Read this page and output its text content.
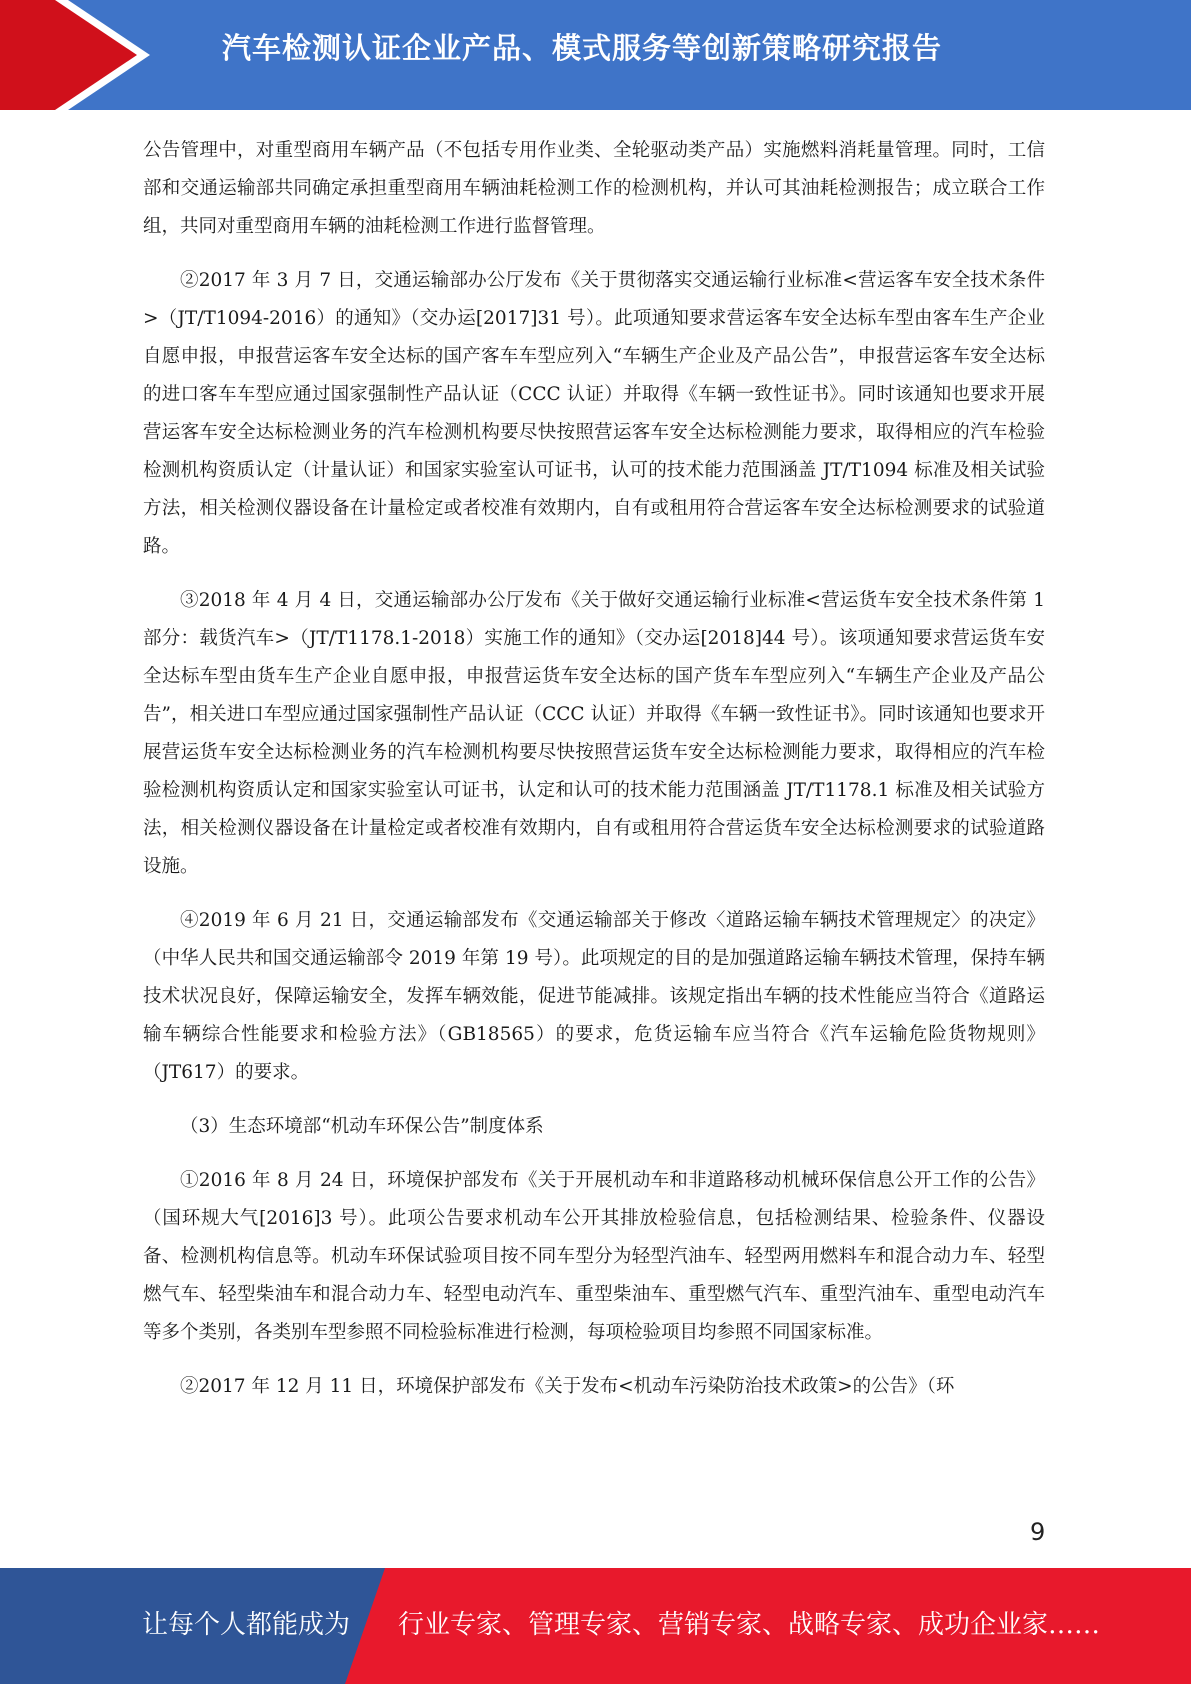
汽车检测认证企业产品、模式服务等创新策略研究报告

公告管理中，对重型商用车辆产品（不包括专用作业类、全轮驱动类产品）实施燃料消耗量管理。同时，工信部和交通运输部共同确定承担重型商用车辆油耗检测工作的检测机构，并认可其油耗检测报告；成立联合工作组，共同对重型商用车辆的油耗检测工作进行监督管理。

②2017 年 3 月 7 日，交通运输部办公厅发布《关于贯彻落实交通运输行业标准<营运客车安全技术条件>（JT/T1094-2016）的通知》（交办运[2017]31 号）。此项通知要求营运客车安全达标车型由客车生产企业自愿申报，申报营运客车安全达标的国产客车车型应列入“车辆生产企业及产品公告”，申报营运客车安全达标的进口客车车型应通过国家强制性产品认证（CCC 认证）并取得《车辆一致性证书》。同时该通知也要求开展营运客车安全达标检测业务的汽车检测机构要尽快按照营运客车安全达标检测能力要求，取得相应的汽车检验检测机构资质认定（计量认证）和国家实验室认可证书，认可的技术能力范围涵盖 JT/T1094 标准及相关试验方法，相关检测仪器设备在计量检定或者校准有效期内，自有或租用符合营运客车安全达标检测要求的试验道路。

③2018 年 4 月 4 日，交通运输部办公厅发布《关于做好交通运输行业标准<营运货车安全技术条件第 1 部分：载货汽车>（JT/T1178.1-2018）实施工作的通知》（交办运[2018]44 号）。该项通知要求营运货车安全达标车型由货车生产企业自愿申报，申报营运货车安全达标的国产货车车型应列入“车辆生产企业及产品公告”，相关进口车型应通过国家强制性产品认证（CCC 认证）并取得《车辆一致性证书》。同时该通知也要求开展营运货车安全达标检测业务的汽车检测机构要尽快按照营运货车安全达标检测能力要求，取得相应的汽车检验检测机构资质认定和国家实验室认可证书，认定和认可的技术能力范围涵盖 JT/T1178.1 标准及相关试验方法，相关检测仪器设备在计量检定或者校准有效期内，自有或租用符合营运货车安全达标检测要求的试验道路设施。

④2019 年 6 月 21 日，交通运输部发布《交通运输部关于修改〈道路运输车辆技术管理规定〉的决定》（中华人民共和国交通运输部令 2019 年第 19 号）。此项规定的目的是加强道路运输车辆技术管理，保持车辆技术状况良好，保障运输安全，发挥车辆效能，促进节能减排。该规定指出车辆的技术性能应当符合《道路运输车辆综合性能要求和检验方法》（GB18565）的要求，危货运输车应当符合《汽车运输危险货物规则》（JT617）的要求。

（3）生态环境部“机动车环保公告”制度体系

①2016 年 8 月 24 日，环境保护部发布《关于开展机动车和非道路移动机械环保信息公开工作的公告》（国环规大气[2016]3 号）。此项公告要求机动车公开其排放检验信息，包括检测结果、检验条件、仪器设备、检测机构信息等。机动车环保试验项目按不同车型分为轻型汽油车、轻型两用燃料车和混合动力车、轻型燃气车、轻型柴油车和混合动力车、轻型电动汽车、重型柴油车、重型燃气汽车、重型汽油车、重型电动汽车等多个类别，各类别车型参照不同检验标准进行检测，每项检验项目均参照不同国家标准。

②2017 年 12 月 11 日，环境保护部发布《关于发布<机动车污染防治技术政策>的公告》（环

9
让每个人都能成为 行业专家、管理专家、营销专家、战略专家、成功企业家……
